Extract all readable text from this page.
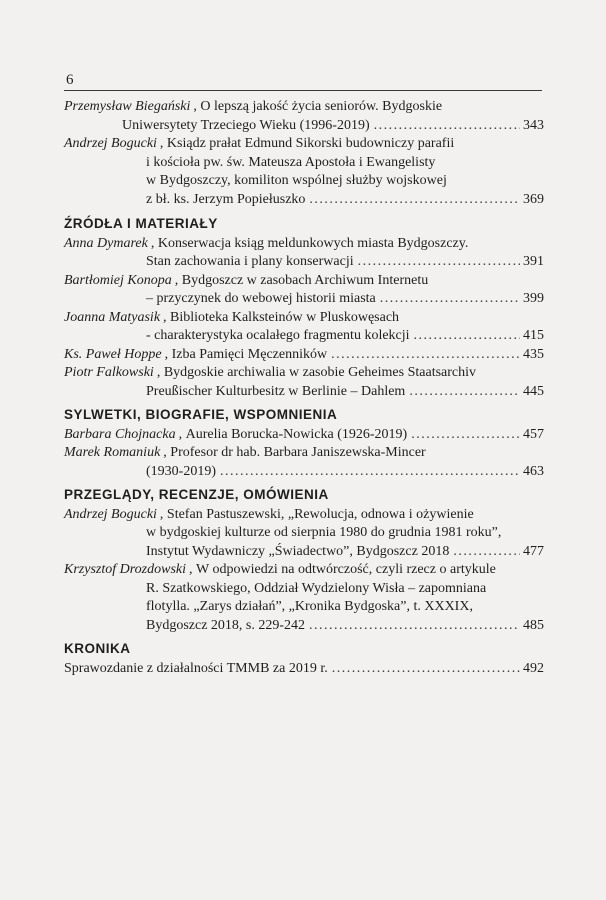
6
Przemysław Biegański , O lepszą jakość życia seniorów. Bydgoskie
Uniwersytety Trzeciego Wieku (1996-2019) .....	343
Andrzej Bogucki , Ksiądz prałat Edmund Sikorski budowniczy parafii
i kościoła pw. św. Mateusza Apostoła i Ewangelisty
w Bydgoszczy, komiliton wspólnej służby wojskowej
z bł. ks. Jerzym Popiełuszko .....	369
ŹRÓDŁA I MATERIAŁY
Anna Dymarek , Konserwacja ksiąg meldunkowych miasta Bydgoszczy.
Stan zachowania i plany konserwacji .....	391
Bartłomiej Konopa , Bydgoszcz w zasobach Archiwum Internetu
– przyczynek do webowej historii miasta .....	399
Joanna Matyasik , Biblioteka Kalksteinów w Pluskowęsach
- charakterystyka ocalałego fragmentu kolekcji .....	415
Ks. Paweł Hoppe , Izba Pamięci Męczenników .....	435
Piotr Falkowski , Bydgoskie archiwalia w zasobie Geheimes Staatsarchiv
Preußischer Kulturbesitz w Berlinie – Dahlem .....	445
SYLWETKI, BIOGRAFIE, WSPOMNIENIA
Barbara Chojnacka , Aurelia Borucka-Nowicka (1926-2019) .....	457
Marek Romaniuk , Profesor dr hab. Barbara Janiszewska-Mincer
(1930-2019) .....	463
PRZEGLĄDY, RECENZJE, OMÓWIENIA
Andrzej Bogucki , Stefan Pastuszewski, „Rewolucja, odnowa i ożywienie
w bydgoskiej kulturze od sierpnia 1980 do grudnia 1981 roku”,
Instytut Wydawniczy „Świadectwo”, Bydgoszcz 2018 .....	477
Krzysztof Drozdowski , W odpowiedzi na odtwórczość, czyli rzecz o artykule
R. Szatkowskiego, Oddział Wydzielony Wisła – zapomniana
flotylla. „Zarys działań”, „Kronika Bydgoska”, t. XXXIX,
Bydgoszcz 2018, s. 229-242 .....	485
KRONIKA
Sprawozdanie z działalności TMMB za 2019 r. .....	492
